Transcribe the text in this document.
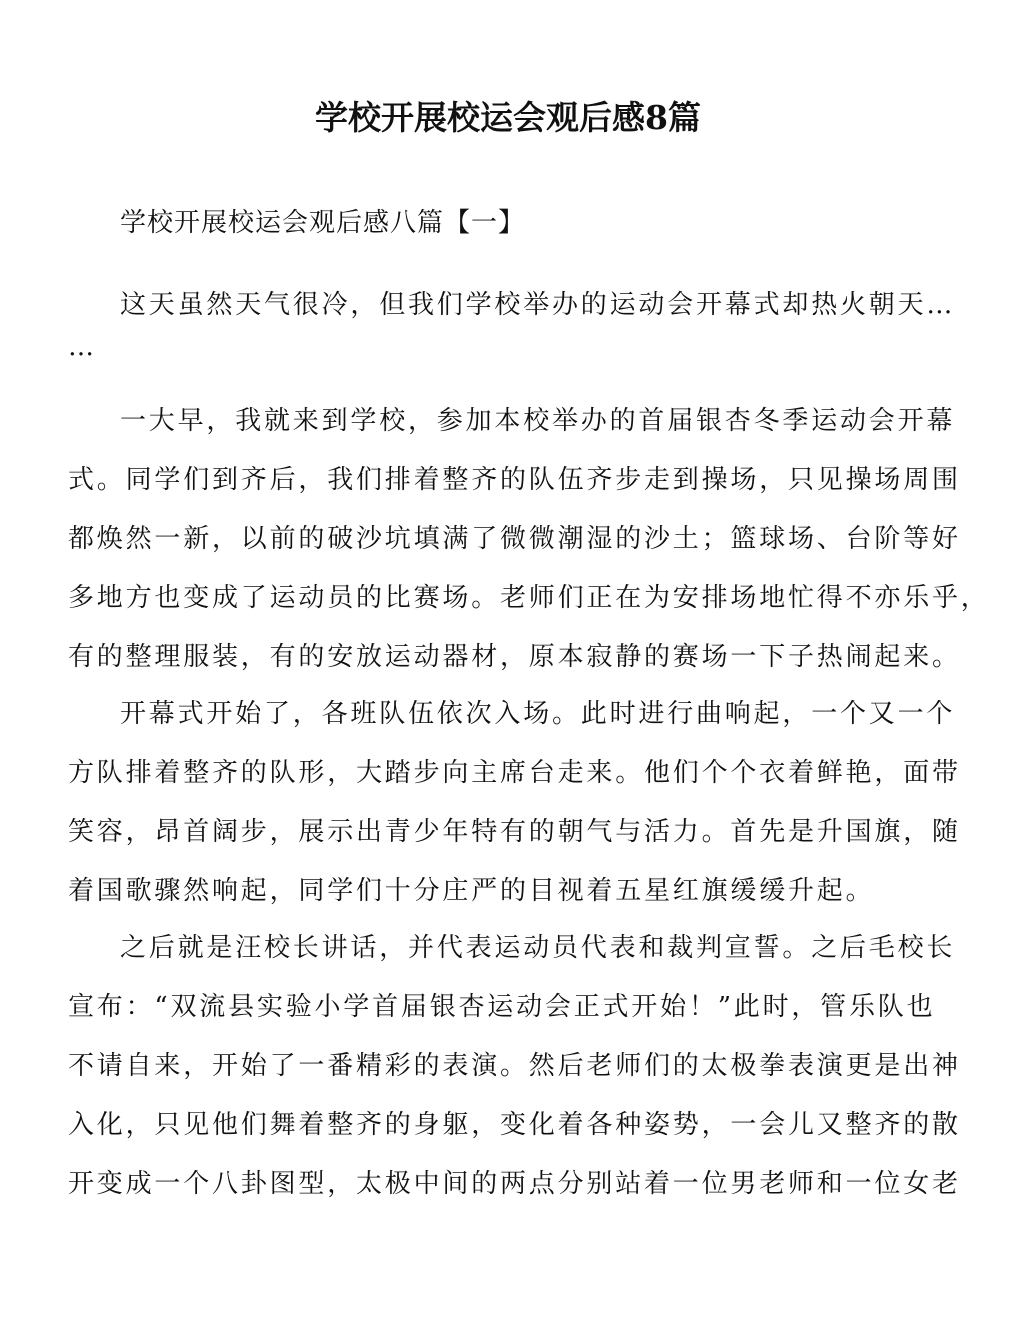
学校开展校运会观后感8篇
学校开展校运会观后感八篇【一】
这天虽然天气很冷，但我们学校举办的运动会开幕式却热火朝天…
…
一大早，我就来到学校，参加本校举办的首届银杏冬季运动会开幕
式。同学们到齐后，我们排着整齐的队伍齐步走到操场，只见操场周围
都焕然一新，以前的破沙坑填满了微微潮湿的沙土；篮球场、台阶等好
多地方也变成了运动员的比赛场。老师们正在为安排场地忙得不亦乐乎，
有的整理服装，有的安放运动器材，原本寂静的赛场一下子热闹起来。
开幕式开始了，各班队伍依次入场。此时进行曲响起，一个又一个
方队排着整齐的队形，大踏步向主席台走来。他们个个衣着鲜艳，面带
笑容，昂首阔步，展示出青少年特有的朝气与活力。首先是升国旗，随
着国歌骤然响起，同学们十分庄严的目视着五星红旗缓缓升起。
之后就是汪校长讲话，并代表运动员代表和裁判宣誓。之后毛校长
宣布：“双流县实验小学首届银杏运动会正式开始！”此时，管乐队也
不请自来，开始了一番精彩的表演。然后老师们的太极拳表演更是出神
入化，只见他们舞着整齐的身躯，变化着各种姿势，一会儿又整齐的散
开变成一个八卦图型，太极中间的两点分别站着一位男老师和一位女老
